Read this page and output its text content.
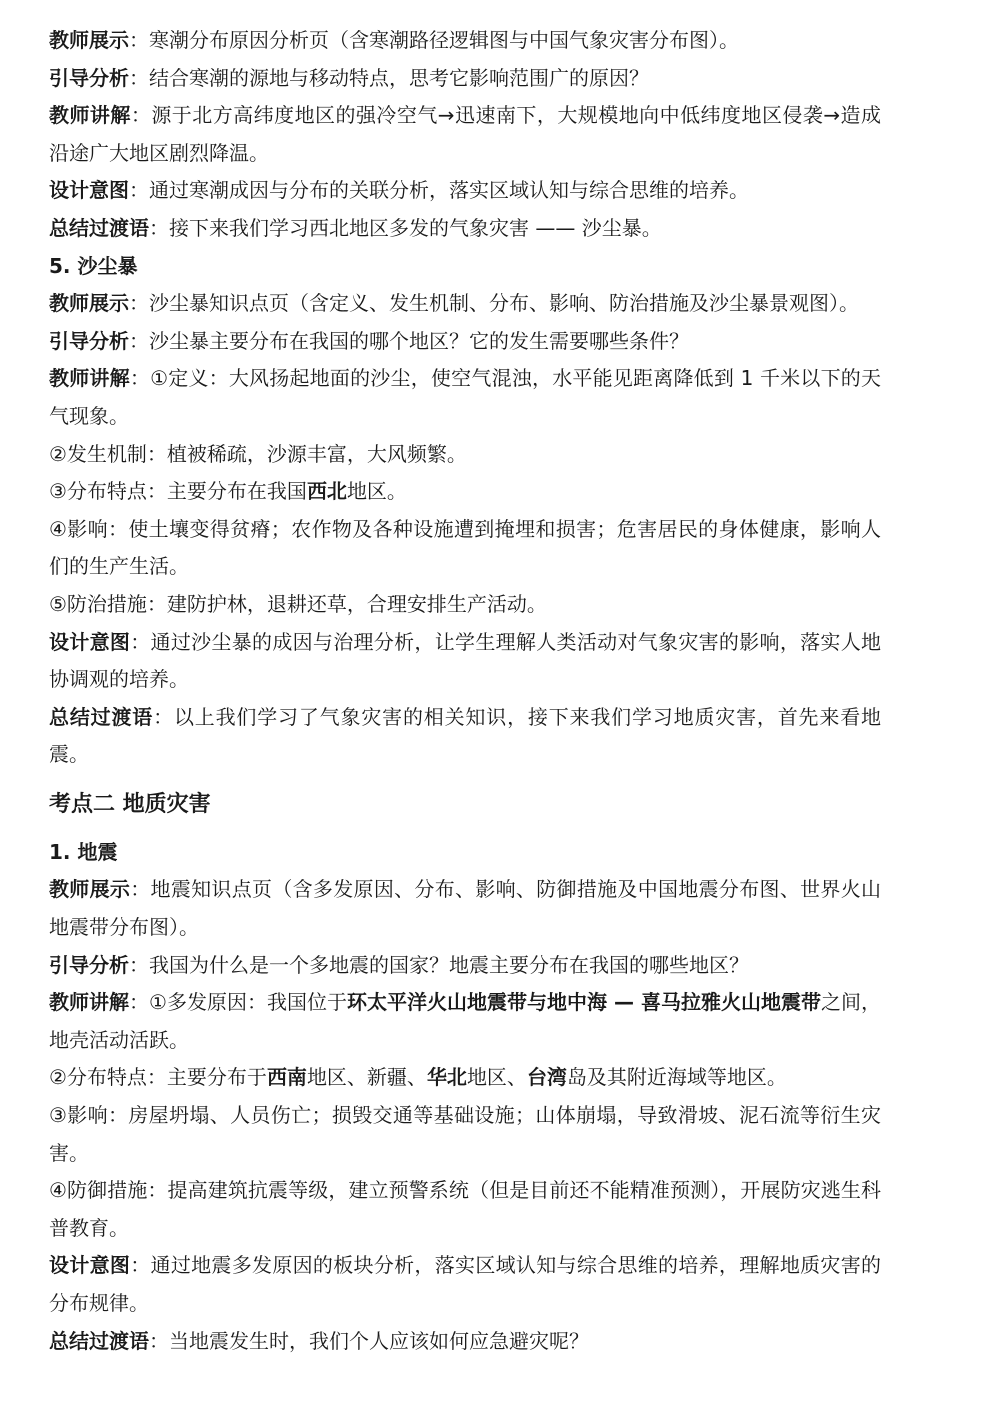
教师展示：寒潮分布原因分析页（含寒潮路径逻辑图与中国气象灾害分布图）。

引导分析：结合寒潮的源地与移动特点，思考它影响范围广的原因？

教师讲解：源于北方高纬度地区的强冷空气→迅速南下，大规模地向中低纬度地区侵袭→造成沿途广大地区剧烈降温。

设计意图：通过寒潮成因与分布的关联分析，落实区域认知与综合思维的培养。

总结过渡语：接下来我们学习西北地区多发的气象灾害 —— 沙尘暴。

5. 沙尘暴

教师展示：沙尘暴知识点页（含定义、发生机制、分布、影响、防治措施及沙尘暴景观图）。

引导分析：沙尘暴主要分布在我国的哪个地区？它的发生需要哪些条件？

教师讲解：①定义：大风扬起地面的沙尘，使空气混浊，水平能见距离降低到 1 千米以下的天气现象。

②发生机制：植被稀疏，沙源丰富，大风频繁。

③分布特点：主要分布在我国西北地区。

④影响：使土壤变得贫瘠；农作物及各种设施遭到掩埋和损害；危害居民的身体健康，影响人们的生产生活。

⑤防治措施：建防护林，退耕还草，合理安排生产活动。

设计意图：通过沙尘暴的成因与治理分析，让学生理解人类活动对气象灾害的影响，落实人地协调观的培养。

总结过渡语：以上我们学习了气象灾害的相关知识，接下来我们学习地质灾害，首先来看地震。

考点二 地质灾害

1. 地震

教师展示：地震知识点页（含多发原因、分布、影响、防御措施及中国地震分布图、世界火山地震带分布图）。

引导分析：我国为什么是一个多地震的国家？地震主要分布在我国的哪些地区？

教师讲解：①多发原因：我国位于环太平洋火山地震带与地中海 — 喜马拉雅火山地震带之间，地壳活动活跃。

②分布特点：主要分布于西南地区、新疆、华北地区、台湾岛及其附近海域等地区。

③影响：房屋坍塌、人员伤亡；损毁交通等基础设施；山体崩塌，导致滑坡、泥石流等衍生灾害。

④防御措施：提高建筑抗震等级，建立预警系统（但是目前还不能精准预测），开展防灾逃生科普教育。

设计意图：通过地震多发原因的板块分析，落实区域认知与综合思维的培养，理解地质灾害的分布规律。

总结过渡语：当地震发生时，我们个人应该如何应急避灾呢？
